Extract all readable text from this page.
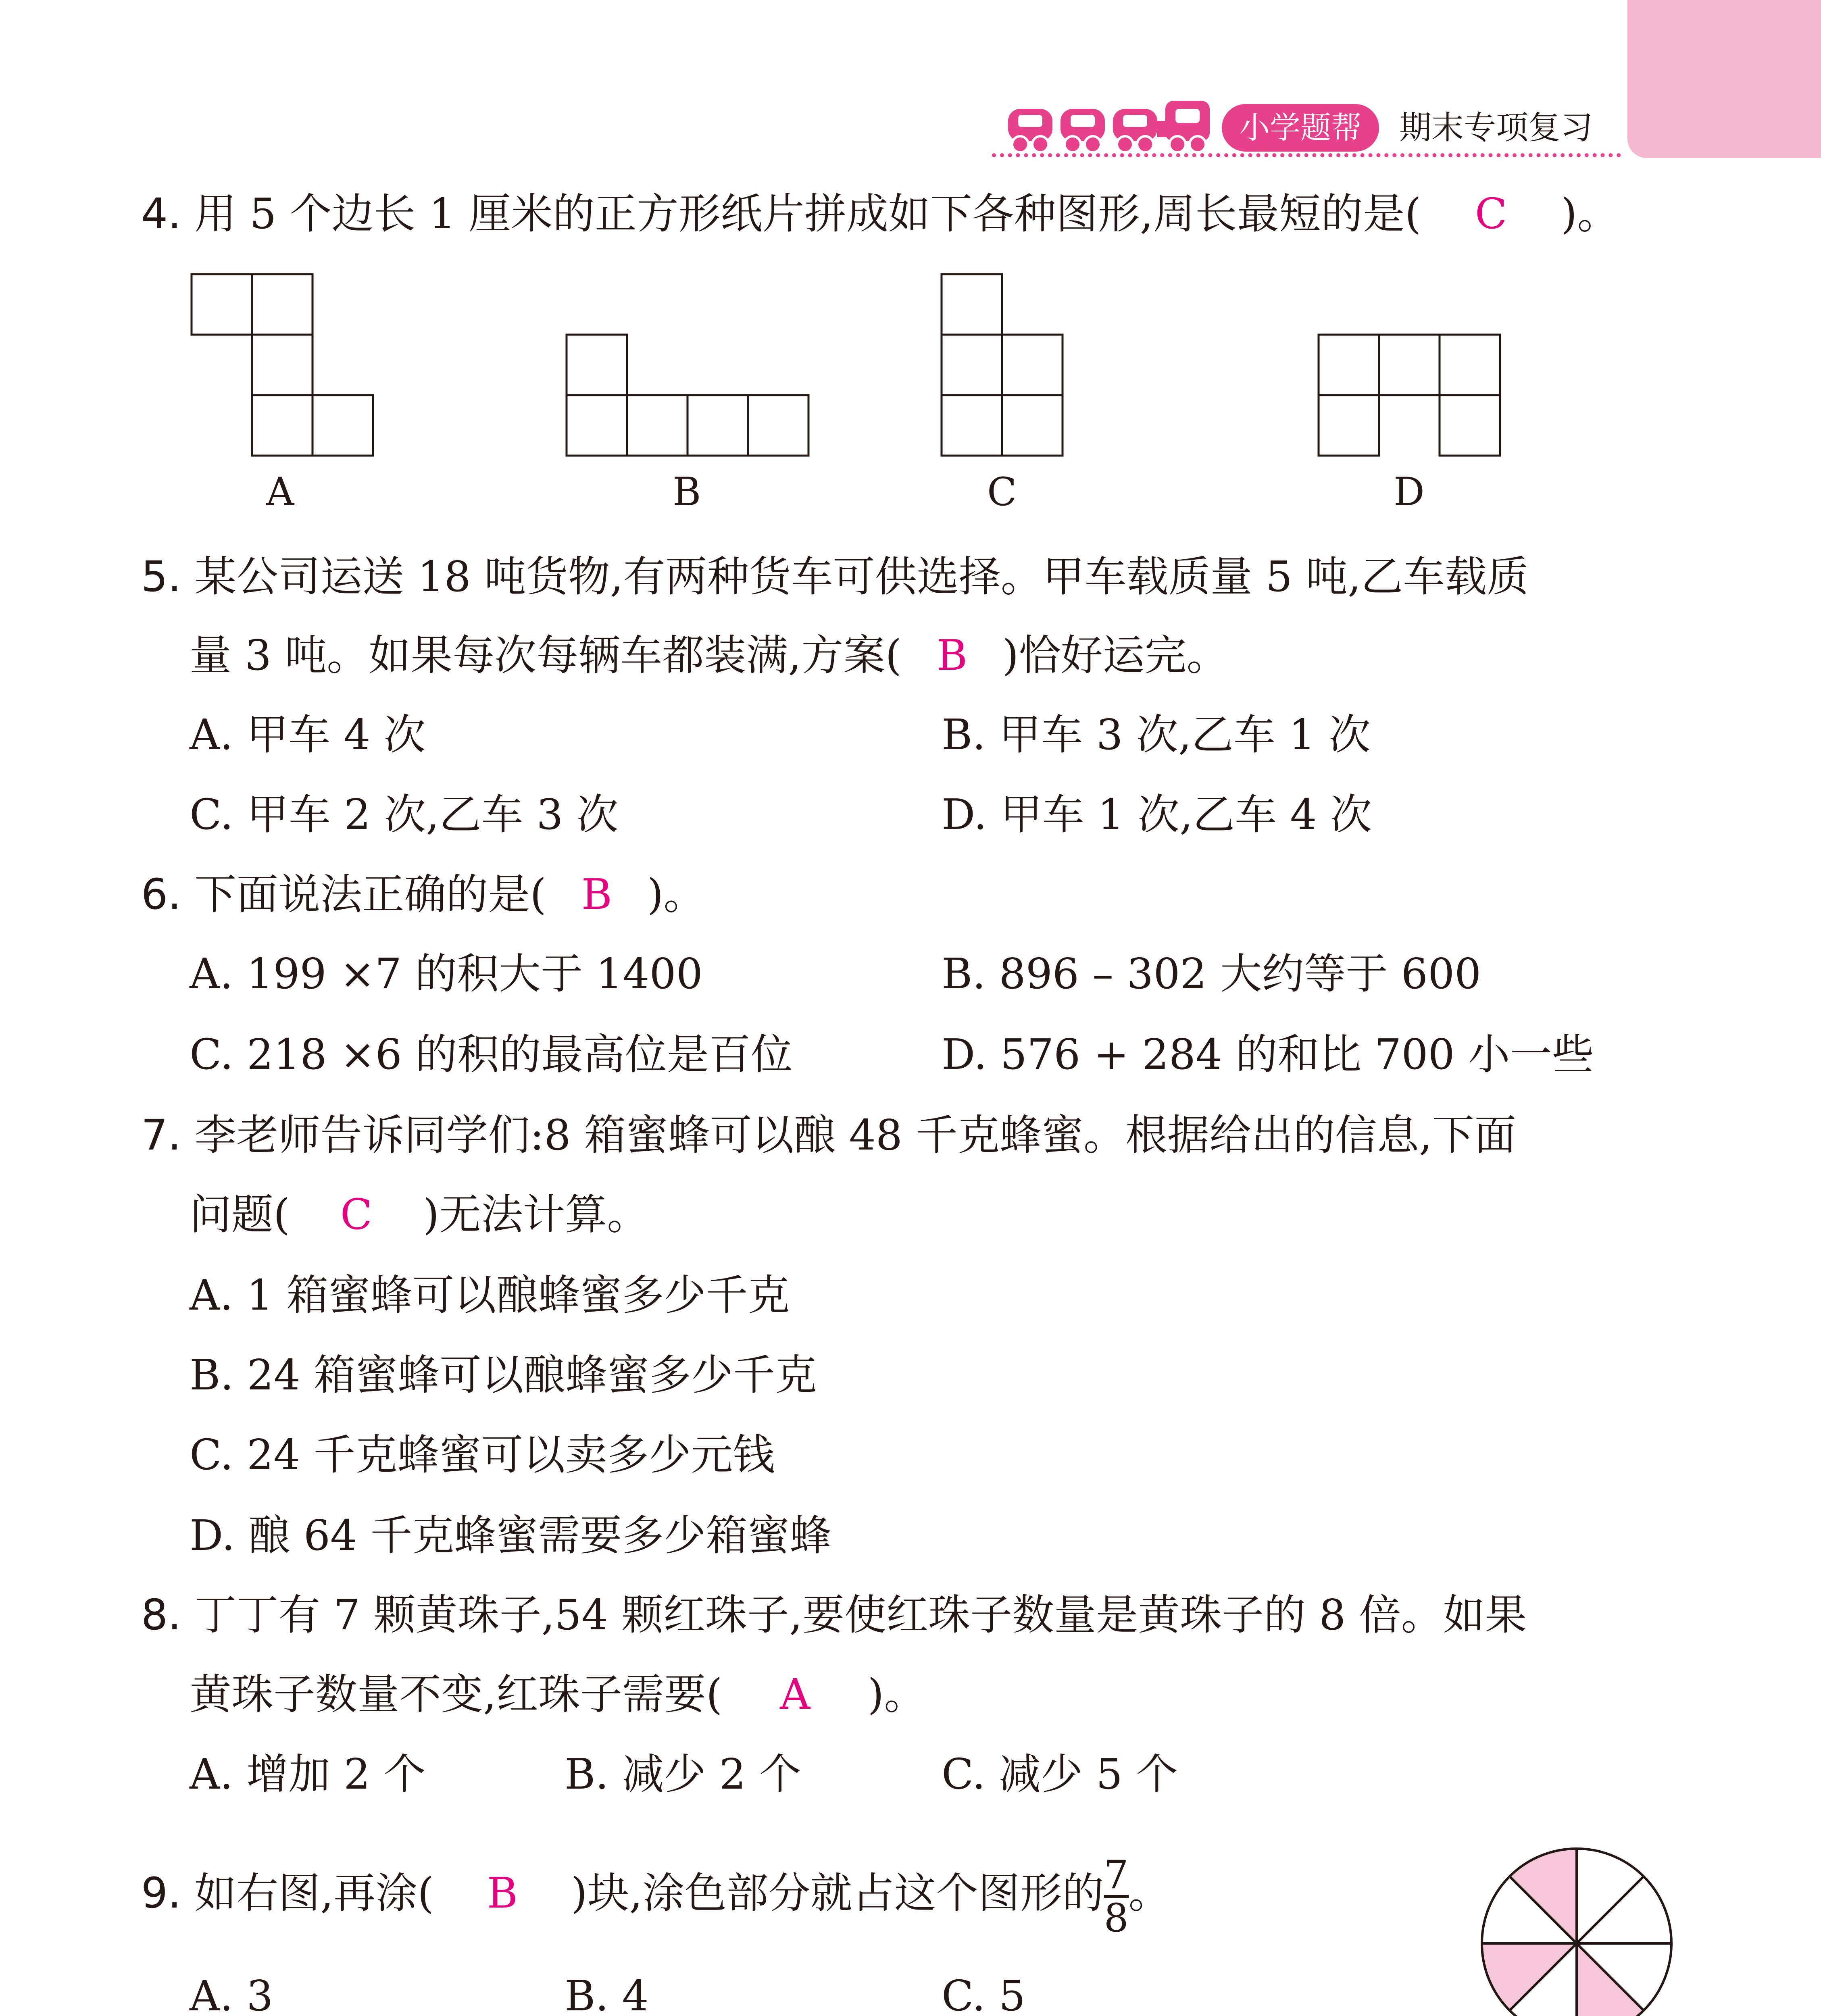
小学题帮	期末专项复习
4. 用 5 个边长 1 厘米的正方形纸片拼成如下各种图形,周长最短的是( C )。
A	B	C	D
5. 某公司运送 18 吨货物,有两种货车可供选择。甲车载质量 5 吨,乙车载质
量 3 吨。如果每次每辆车都装满,方案( B )恰好运完。
A. 甲车 4 次	B. 甲车 3 次,乙车 1 次
C. 甲车 2 次,乙车 3 次	D. 甲车 1 次,乙车 4 次
6. 下面说法正确的是( B )。
A. 199 ×7 的积大于 1400	B. 896 – 302 大约等于 600
C. 218 ×6 的积的最高位是百位	D. 576 + 284 的和比 700 小一些
7. 李老师告诉同学们:8 箱蜜蜂可以酿 48 千克蜂蜜。根据给出的信息,下面
问题( C )无法计算。
A. 1 箱蜜蜂可以酿蜂蜜多少千克
B. 24 箱蜜蜂可以酿蜂蜜多少千克
C. 24 千克蜂蜜可以卖多少元钱
D. 酿 64 千克蜂蜜需要多少箱蜜蜂
8. 丁丁有 7 颗黄珠子,54 颗红珠子,要使红珠子数量是黄珠子的 8 倍。如果
黄珠子数量不变,红珠子需要( A )。
A. 增加 2 个	B. 减少 2 个	C. 减少 5 个
9. 如右图,再涂( B )块,涂色部分就占这个图形的 $\frac{7}{8}$ 。
A. 3	B. 4	C. 5
